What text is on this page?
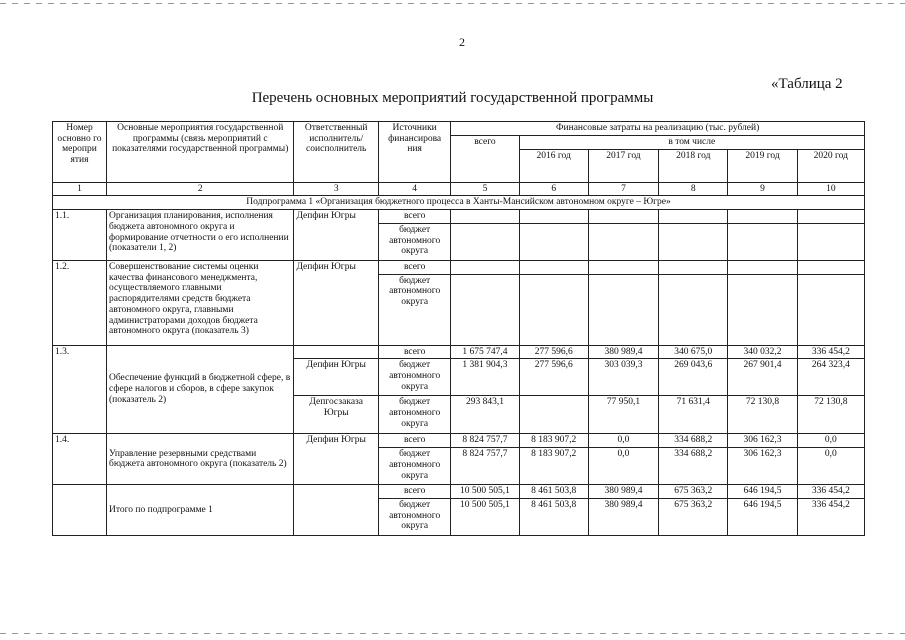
2
«Таблица 2
Перечень основных мероприятий государственной программы
Номер основно го меропри ятия	Основные мероприятия государственной программы (связь мероприятий с показателями государственной программы)	Ответственный исполнитель/ соисполнитель	Источники финансирова ния	Финансовые затраты на реализацию (тыс. рублей)					
				всего	в том числе				
					2016 год	2017 год	2018 год	2019 год	2020 год
1	2	3	4	5	6	7	8	9	10
Подпрограмма 1 «Организация бюджетного процесса в Ханты-Мансийском автономном округе – Югре»									
1.1.	Организация планирования, исполнения бюджета автономного округа и формирование отчетности о его исполнении (показатели 1, 2)	Депфин Югры	всего						
			бюджет автономного округа						
1.2.	Совершенствование системы оценки качества финансового менеджмента, осуществляемого главными распорядителями средств бюджета автономного округа, главными администраторами доходов бюджета автономного округа (показатель 3)	Депфин Югры	всего						
			бюджет автономного округа						
1.3.	Обеспечение функций в бюджетной сфере, в сфере налогов и сборов, в сфере закупок (показатель 2)		всего	1 675 747,4	277 596,6	380 989,4	340 675,0	340 032,2	336 454,2
		Депфин Югры	бюджет автономного округа	1 381 904,3	277 596,6	303 039,3	269 043,6	267 901,4	264 323,4
		Депгосзаказа Югры	бюджет автономного округа	293 843,1		77 950,1	71 631,4	72 130,8	72 130,8
1.4.	Управление резервными средствами бюджета автономного округа (показатель 2)	Депфин Югры	всего	8 824 757,7	8 183 907,2	0,0	334 688,2	306 162,3	0,0
			бюджет автономного округа	8 824 757,7	8 183 907,2	0,0	334 688,2	306 162,3	0,0
	Итого по подпрограмме 1		всего	10 500 505,1	8 461 503,8	380 989,4	675 363,2	646 194,5	336 454,2
			бюджет автономного округа	10 500 505,1	8 461 503,8	380 989,4	675 363,2	646 194,5	336 454,2
